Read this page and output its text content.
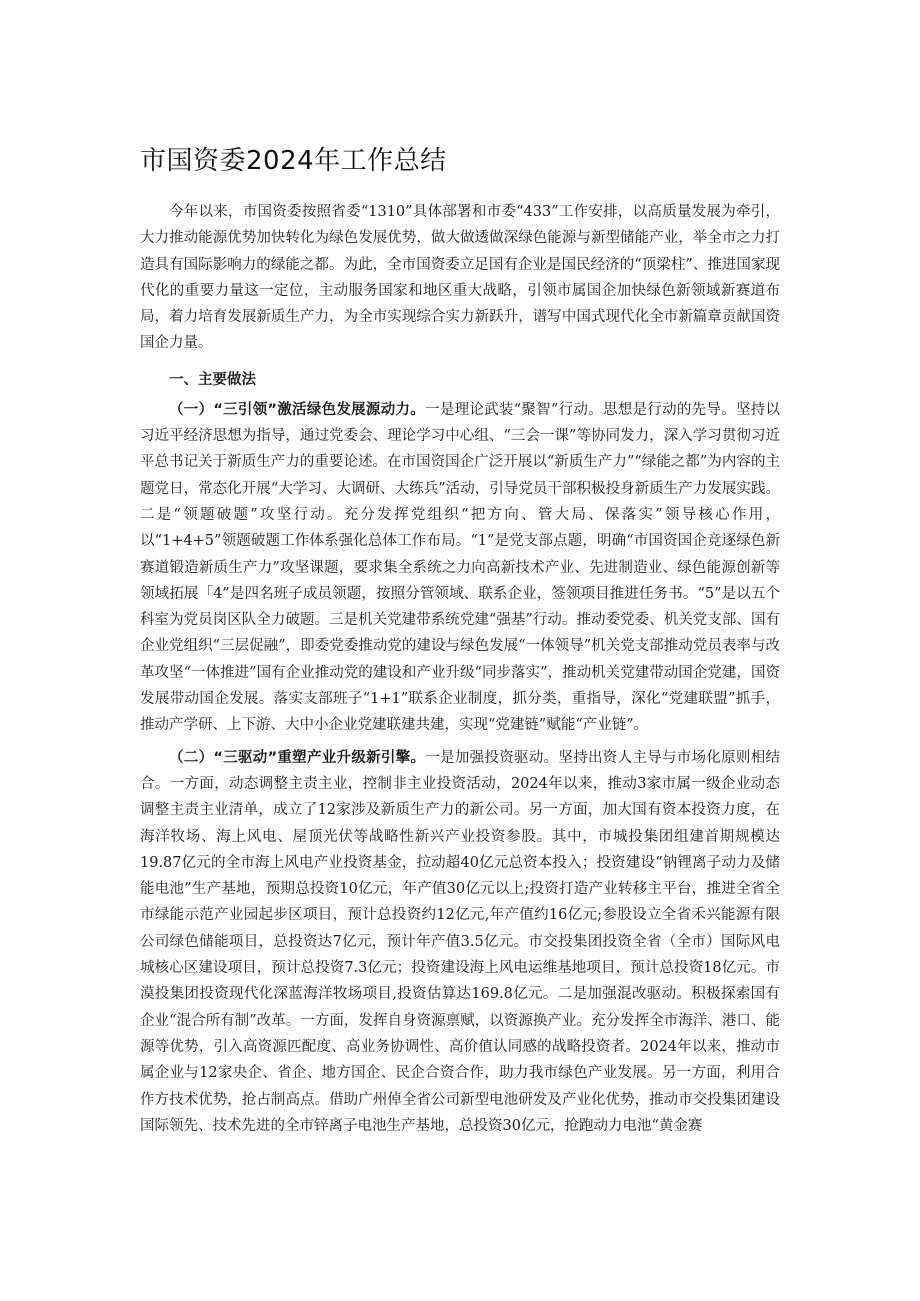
市国资委2024年工作总结

今年以来，市国资委按照省委“1310”具体部署和市委“433”工作安排，以高质量发展为牵引，大力推动能源优势加快转化为绿色发展优势，做大做透做深绿色能源与新型储能产业，举全市之力打造具有国际影响力的绿能之都。为此，全市国资委立足国有企业是国民经济的“顶梁柱”、推进国家现代化的重要力量这一定位，主动服务国家和地区重大战略，引领市属国企加快绿色新领域新赛道布局，着力培育发展新质生产力，为全市实现综合实力新跃升，谱写中国式现代化全市新篇章贡献国资国企力量。

一、主要做法

（一）“三引领”激活绿色发展源动力。一是理论武装“聚智”行动。思想是行动的先导。坚持以习近平经济思想为指导，通过党委会、理论学习中心组、“三会一课”等协同发力，深入学习贯彻习近平总书记关于新质生产力的重要论述。在市国资国企广泛开展以“新质生产力”“绿能之都”为内容的主题党日，常态化开展“大学习、大调研、大练兵”活动，引导党员干部积极投身新质生产力发展实践。二是“领题破题”攻坚行动。充分发挥党组织“把方向、管大局、保落实”领导核心作用，以“1+4+5”领题破题工作体系强化总体工作布局。“1”是党支部点题，明确“市国资国企竞逐绿色新赛道锻造新质生产力”攻坚课题，要求集全系统之力向高新技术产业、先进制造业、绿色能源创新等领域拓展「4”是四名班子成员领题，按照分管领域、联系企业，签领项目推进任务书。“5”是以五个科室为党员岗区队全力破题。三是机关党建带系统党建“强基”行动。推动委党委、机关党支部、国有企业党组织“三层促融”，即委党委推动党的建设与绿色发展“一体领导”机关党支部推动党员表率与改革攻坚“一体推进”国有企业推动党的建设和产业升级“同步落实”，推动机关党建带动国企党建，国资发展带动国企发展。落实支部班子“1+1”联系企业制度，抓分类，重指导，深化“党建联盟”抓手，推动产学研、上下游、大中小企业党建联建共建，实现“党建链”赋能“产业链”。

（二）“三驱动”重塑产业升级新引擎。一是加强投资驱动。坚持出资人主导与市场化原则相结合。一方面，动态调整主责主业，控制非主业投资活动，2024年以来，推动3家市属一级企业动态调整主责主业清单，成立了12家涉及新质生产力的新公司。另一方面，加大国有资本投资力度，在海洋牧场、海上风电、屋顶光伏等战略性新兴产业投资参股。其中，市城投集团组建首期规模达19.87亿元的全市海上风电产业投资基金，拉动超40亿元总资本投入；投资建设“钠锂离子动力及储能电池”生产基地，预期总投资10亿元，年产值30亿元以上;投资打造产业转移主平台，推进全省全市绿能示范产业园起步区项目，预计总投资约12亿元,年产值约16亿元;参股设立全省禾兴能源有限公司绿色储能项目，总投资达7亿元，预计年产值3.5亿元。市交投集团投资全省（全市）国际风电城核心区建设项目，预计总投资7.3亿元；投资建设海上风电运维基地项目，预计总投资18亿元。市漠投集团投资现代化深蓝海洋牧场项目,投资估算达169.8亿元。二是加强混改驱动。积极探索国有企业“混合所有制”改革。一方面，发挥自身资源禀赋，以资源换产业。充分发挥全市海洋、港口、能源等优势，引入高资源匹配度、高业务协调性、高价值认同感的战略投资者。2024年以来，推动市属企业与12家央企、省企、地方国企、民企合资合作，助力我市绿色产业发展。另一方面，利用合作方技术优势，抢占制高点。借助广州倬全省公司新型电池研发及产业化优势，推动市交投集团建设国际领先、技术先进的全市锌离子电池生产基地，总投资30亿元，抢跑动力电池“黄金赛
